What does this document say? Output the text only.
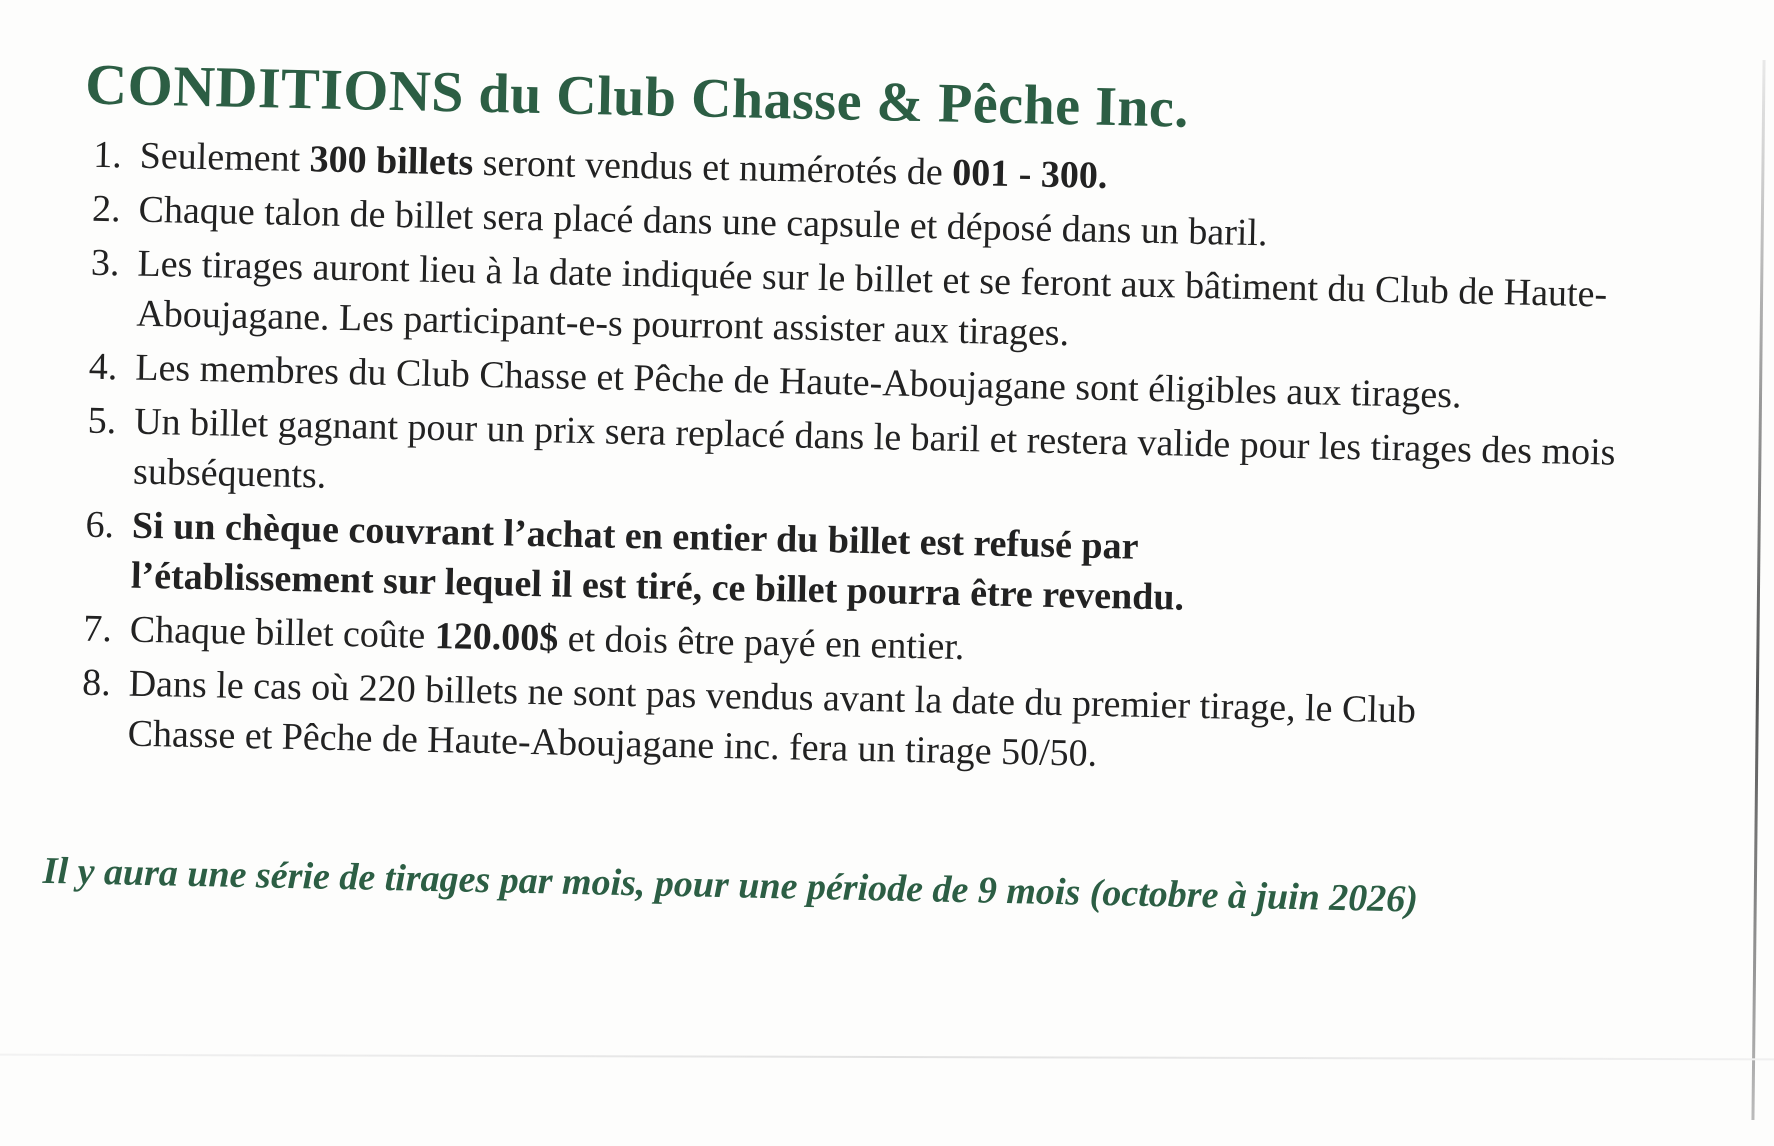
CONDITIONS du Club Chasse & Pêche Inc.
1. Seulement 300 billets seront vendus et numérotés de 001 - 300.
2. Chaque talon de billet sera placé dans une capsule et déposé dans un baril.
3. Les tirages auront lieu à la date indiquée sur le billet et se feront aux bâtiment du Club de Haute-Aboujagane. Les participant-e-s pourront assister aux tirages.
4. Les membres du Club Chasse et Pêche de Haute-Aboujagane sont éligibles aux tirages.
5. Un billet gagnant pour un prix sera replacé dans le baril et restera valide pour les tirages des mois subséquents.
6. Si un chèque couvrant l’achat en entier du billet est refusé par l’établissement sur lequel il est tiré, ce billet pourra être revendu.
7. Chaque billet coûte 120.00$ et dois être payé en entier.
8. Dans le cas où 220 billets ne sont pas vendus avant la date du premier tirage, le Club Chasse et Pêche de Haute-Aboujagane inc. fera un tirage 50/50.
Il y aura une série de tirages par mois, pour une période de 9 mois (octobre à juin 2026)
